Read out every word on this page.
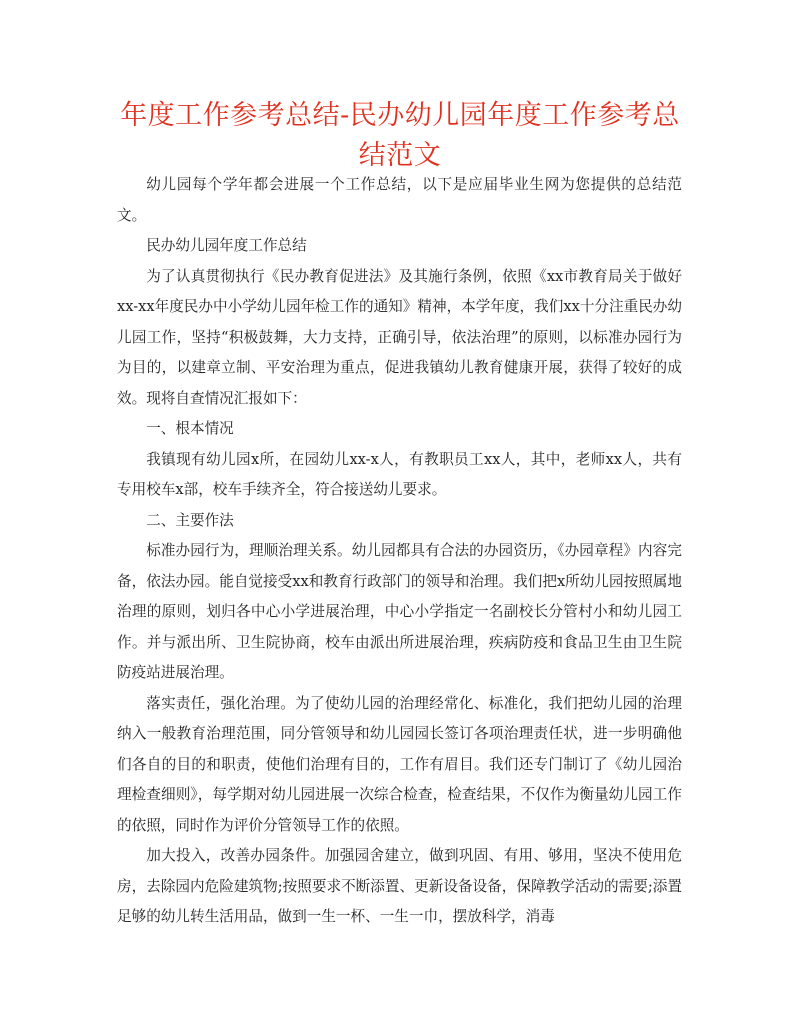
年度工作参考总结-民办幼儿园年度工作参考总结范文

幼儿园每个学年都会进展一个工作总结，以下是应届毕业生网为您提供的总结范文。

民办幼儿园年度工作总结

为了认真贯彻执行《民办教育促进法》及其施行条例，依照《xx市教育局关于做好xx-xx年度民办中小学幼儿园年检工作的通知》精神，本学年度，我们xx十分注重民办幼儿园工作，坚持“积极鼓舞，大力支持，正确引导，依法治理”的原则，以标准办园行为为目的，以建章立制、平安治理为重点，促进我镇幼儿教育健康开展，获得了较好的成效。现将自查情况汇报如下：

一、根本情况

我镇现有幼儿园x所，在园幼儿xx-x人，有教职员工xx人，其中，老师xx人，共有专用校车x部，校车手续齐全，符合接送幼儿要求。

二、主要作法

标准办园行为，理顺治理关系。幼儿园都具有合法的办园资历，《办园章程》内容完备，依法办园。能自觉接受xx和教育行政部门的领导和治理。我们把x所幼儿园按照属地治理的原则，划归各中心小学进展治理，中心小学指定一名副校长分管村小和幼儿园工作。并与派出所、卫生院协商，校车由派出所进展治理，疾病防疫和食品卫生由卫生院防疫站进展治理。

落实责任，强化治理。为了使幼儿园的治理经常化、标准化，我们把幼儿园的治理纳入一般教育治理范围，同分管领导和幼儿园园长签订各项治理责任状，进一步明确他们各自的目的和职责，使他们治理有目的，工作有眉目。我们还专门制订了《幼儿园治理检查细则》，每学期对幼儿园进展一次综合检查，检查结果，不仅作为衡量幼儿园工作的依照，同时作为评价分管领导工作的依照。

加大投入，改善办园条件。加强园舍建立，做到巩固、有用、够用，坚决不使用危房，去除园内危险建筑物;按照要求不断添置、更新设备设备，保障教学活动的需要;添置足够的幼儿转生活用品，做到一生一杯、一生一巾，摆放科学，消毒
